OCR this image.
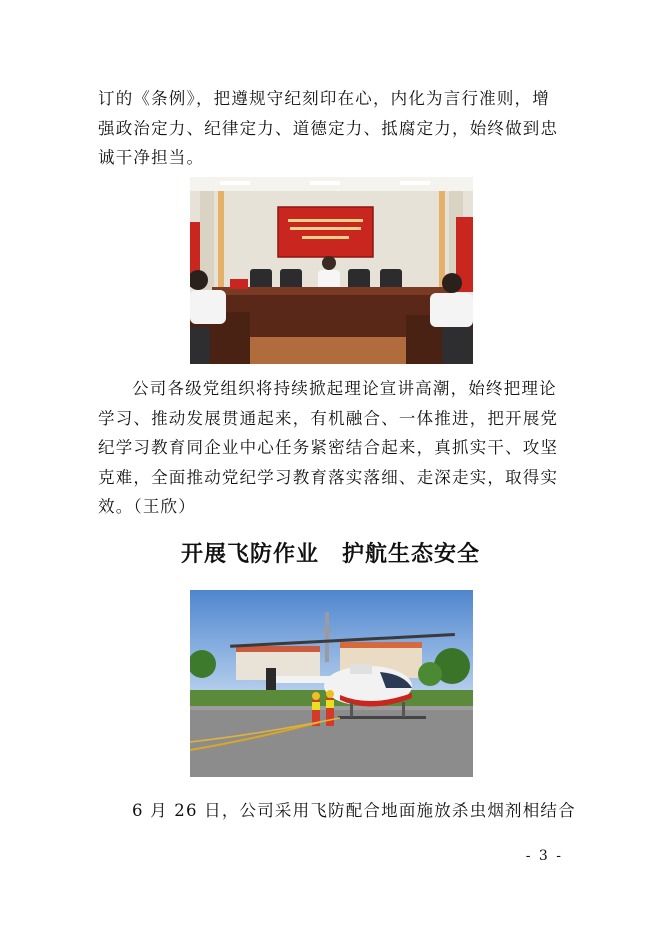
订的《条例》，把遵规守纪刻印在心，内化为言行准则，增
强政治定力、纪律定力、道德定力、抵腐定力，始终做到忠
诚干净担当。
公司各级党组织将持续掀起理论宣讲高潮，始终把理论
学习、推动发展贯通起来，有机融合、一体推进，把开展党
纪学习教育同企业中心任务紧密结合起来，真抓实干、攻坚
克难，全面推动党纪学习教育落实落细、走深走实，取得实
效。（王欣）
开展飞防作业　护航生态安全
6 月 26 日，公司采用飞防配合地面施放杀虫烟剂相结合
- 3 -
